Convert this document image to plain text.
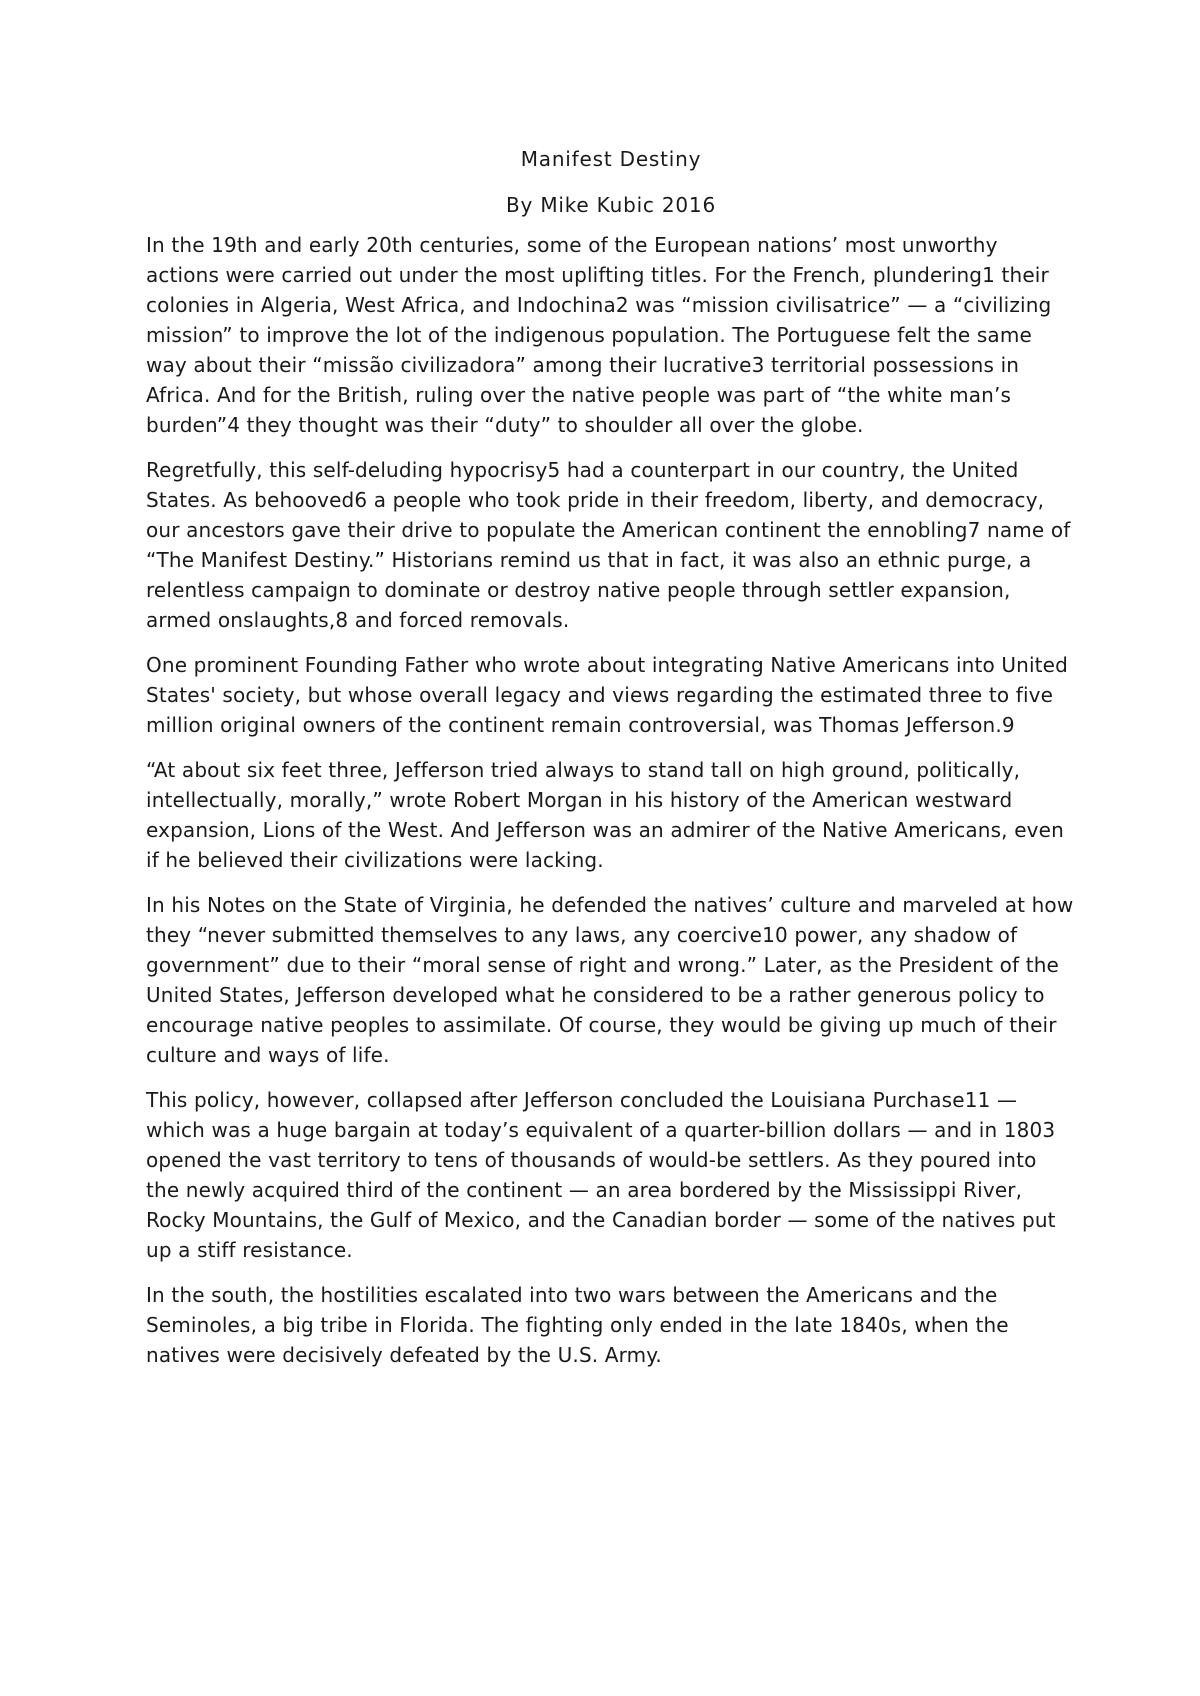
Manifest Destiny
By Mike Kubic 2016

In the 19th and early 20th centuries, some of the European nations’ most unworthy actions were carried out under the most uplifting titles. For the French, plundering1 their colonies in Algeria, West Africa, and Indochina2 was “mission civilisatrice” — a “civilizing mission” to improve the lot of the indigenous population. The Portuguese felt the same way about their “missão civilizadora” among their lucrative3 territorial possessions in Africa. And for the British, ruling over the native people was part of “the white man’s burden”4 they thought was their “duty” to shoulder all over the globe.

Regretfully, this self-deluding hypocrisy5 had a counterpart in our country, the United States. As behooved6 a people who took pride in their freedom, liberty, and democracy, our ancestors gave their drive to populate the American continent the ennobling7 name of “The Manifest Destiny.” Historians remind us that in fact, it was also an ethnic purge, a relentless campaign to dominate or destroy native people through settler expansion, armed onslaughts,8 and forced removals.

One prominent Founding Father who wrote about integrating Native Americans into United States' society, but whose overall legacy and views regarding the estimated three to five million original owners of the continent remain controversial, was Thomas Jefferson.9

“At about six feet three, Jefferson tried always to stand tall on high ground, politically, intellectually, morally,” wrote Robert Morgan in his history of the American westward expansion, Lions of the West. And Jefferson was an admirer of the Native Americans, even if he believed their civilizations were lacking.

In his Notes on the State of Virginia, he defended the natives’ culture and marveled at how they “never submitted themselves to any laws, any coercive10 power, any shadow of government” due to their “moral sense of right and wrong.” Later, as the President of the United States, Jefferson developed what he considered to be a rather generous policy to encourage native peoples to assimilate. Of course, they would be giving up much of their culture and ways of life.

This policy, however, collapsed after Jefferson concluded the Louisiana Purchase11 — which was a huge bargain at today’s equivalent of a quarter-billion dollars — and in 1803 opened the vast territory to tens of thousands of would-be settlers. As they poured into the newly acquired third of the continent — an area bordered by the Mississippi River, Rocky Mountains, the Gulf of Mexico, and the Canadian border — some of the natives put up a stiff resistance.

In the south, the hostilities escalated into two wars between the Americans and the Seminoles, a big tribe in Florida. The fighting only ended in the late 1840s, when the natives were decisively defeated by the U.S. Army.
